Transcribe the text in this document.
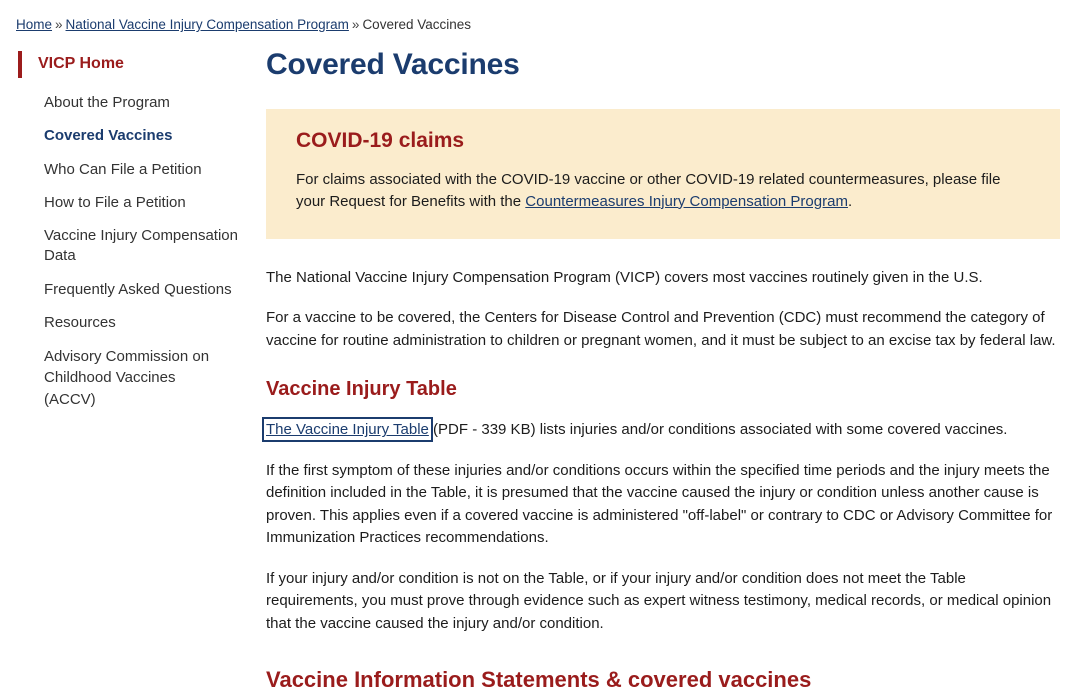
Home » National Vaccine Injury Compensation Program » Covered Vaccines
VICP Home
About the Program
Covered Vaccines
Who Can File a Petition
How to File a Petition
Vaccine Injury Compensation Data
Frequently Asked Questions
Resources
Advisory Commission on Childhood Vaccines (ACCV)
Covered Vaccines
COVID-19 claims

For claims associated with the COVID-19 vaccine or other COVID-19 related countermeasures, please file your Request for Benefits with the Countermeasures Injury Compensation Program.

The National Vaccine Injury Compensation Program (VICP) covers most vaccines routinely given in the U.S.

For a vaccine to be covered, the Centers for Disease Control and Prevention (CDC) must recommend the category of vaccine for routine administration to children or pregnant women, and it must be subject to an excise tax by federal law.

Vaccine Injury Table

The Vaccine Injury Table (PDF - 339 KB) lists injuries and/or conditions associated with some covered vaccines.

If the first symptom of these injuries and/or conditions occurs within the specified time periods and the injury meets the definition included in the Table, it is presumed that the vaccine caused the injury or condition unless another cause is proven. This applies even if a covered vaccine is administered "off-label" or contrary to CDC or Advisory Committee for Immunization Practices recommendations.

If your injury and/or condition is not on the Table, or if your injury and/or condition does not meet the Table requirements, you must prove through evidence such as expert witness testimony, medical records, or medical opinion that the vaccine caused the injury and/or condition.

Vaccine Information Statements & covered vaccines
